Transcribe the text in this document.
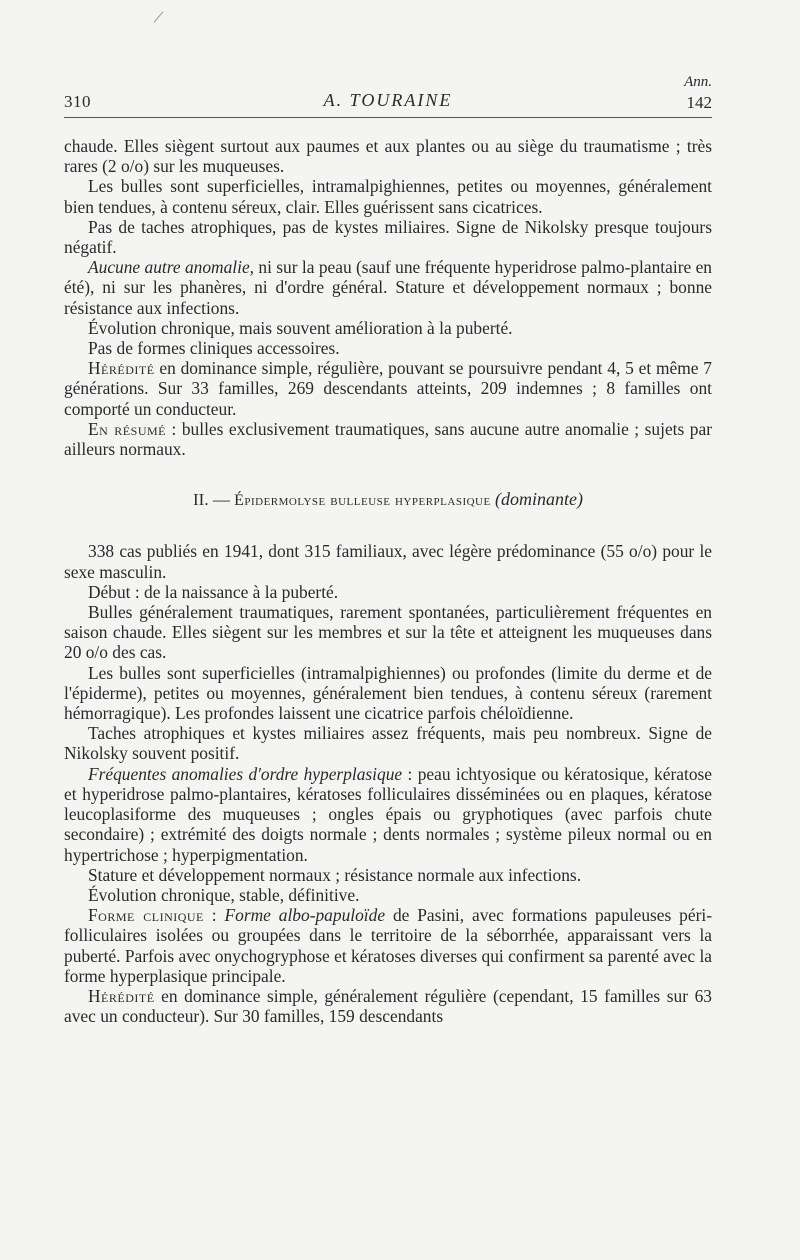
310	A. TOURAINE
Ann.
142

chaude. Elles siègent surtout aux paumes et aux plantes ou au siège du traumatisme ; très rares (2 o/o) sur les muqueuses.

Les bulles sont superficielles, intramalpighiennes, petites ou moyennes, généralement bien tendues, à contenu séreux, clair. Elles guérissent sans cicatrices.

Pas de taches atrophiques, pas de kystes miliaires. Signe de Nikolsky presque toujours négatif.

Aucune autre anomalie, ni sur la peau (sauf une fréquente hyperidrose palmo-plantaire en été), ni sur les phanères, ni d'ordre général. Stature et développement normaux ; bonne résistance aux infections.

Évolution chronique, mais souvent amélioration à la puberté.

Pas de formes cliniques accessoires.

Hérédité en dominance simple, régulière, pouvant se poursuivre pendant 4, 5 et même 7 générations. Sur 33 familles, 269 descendants atteints, 209 indemnes ; 8 familles ont comporté un conducteur.

En résumé : bulles exclusivement traumatiques, sans aucune autre anomalie ; sujets par ailleurs normaux.

II. — Épidermolyse bulleuse hyperplasique (dominante)

338 cas publiés en 1941, dont 315 familiaux, avec légère prédominance (55 o/o) pour le sexe masculin.

Début : de la naissance à la puberté.

Bulles généralement traumatiques, rarement spontanées, particulièrement fréquentes en saison chaude. Elles siègent sur les membres et sur la tête et atteignent les muqueuses dans 20 o/o des cas.

Les bulles sont superficielles (intramalpighiennes) ou profondes (limite du derme et de l'épiderme), petites ou moyennes, généralement bien tendues, à contenu séreux (rarement hémorragique). Les profondes laissent une cicatrice parfois chéloïdienne.

Taches atrophiques et kystes miliaires assez fréquents, mais peu nombreux. Signe de Nikolsky souvent positif.

Fréquentes anomalies d'ordre hyperplasique : peau ichtyosique ou kératosique, kératose et hyperidrose palmo-plantaires, kératoses folliculaires disséminées ou en plaques, kératose leucoplasiforme des muqueuses ; ongles épais ou gryphotiques (avec parfois chute secondaire) ; extrémité des doigts normale ; dents normales ; système pileux normal ou en hypertrichose ; hyperpigmentation.

Stature et développement normaux ; résistance normale aux infections.

Évolution chronique, stable, définitive.

Forme clinique : Forme albo-papuloïde de Pasini, avec formations papuleuses péri-folliculaires isolées ou groupées dans le territoire de la séborrhée, apparaissant vers la puberté. Parfois avec onychogryphose et kératoses diverses qui confirment sa parenté avec la forme hyperplasique principale.

Hérédité en dominance simple, généralement régulière (cependant, 15 familles sur 63 avec un conducteur). Sur 30 familles, 159 descendants
